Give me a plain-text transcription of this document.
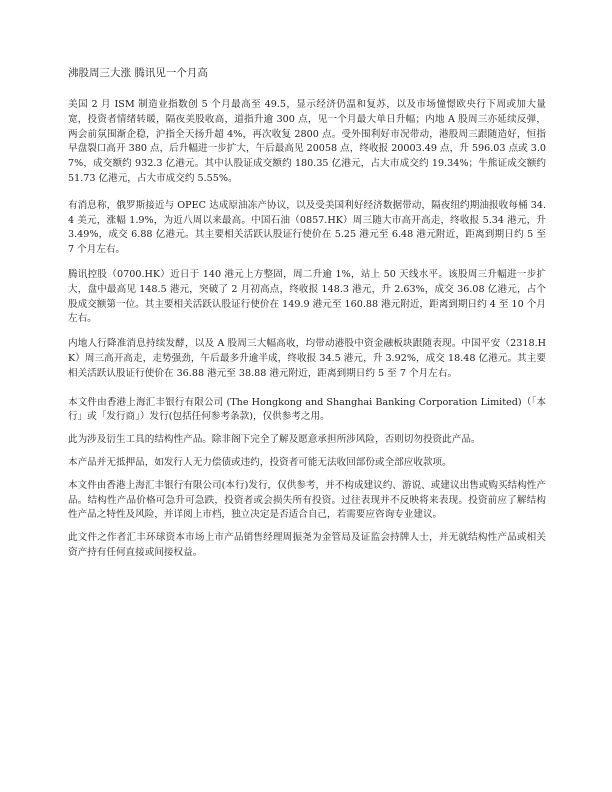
沸股周三大涨 腾讯见一个月高

美国 2 月 ISM 制造业指数创 5 个月最高至 49.5，显示经济仍温和复苏，以及市场憧憬欧央行下周或加大量宽，投资者情绪转暖，隔夜美股收高，道指升逾 300 点，见一个月最大单日升幅；内地 A 股周三亦延续反弹，两会前氛围渐企稳，沪指全天扬升超 4%，再次收复 2800 点。受外围利好市况带动，港股周三跟随造好，恒指早盘裂口高开 380 点，后升幅进一步扩大，午后最高见 20058 点，终收报 20003.49 点，升 596.03 点或 3.07%，成交额约 932.3 亿港元。其中认股证成交额约 180.35 亿港元，占大市成交约 19.34%；牛熊证成交额约 51.73 亿港元，占大市成交约 5.55%。

有消息称，俄罗斯接近与 OPEC 达成原油冻产协议，以及受美国利好经济数据带动，隔夜纽约期油报收每桶 34.4 美元，涨幅 1.9%，为近八周以来最高。中国石油（0857.HK）周三随大市高开高走，终收报 5.34 港元，升 3.49%，成交 6.88 亿港元。其主要相关活跃认股证行使价在 5.25 港元至 6.48 港元附近，距离到期日约 5 至 7 个月左右。

腾讯控股（0700.HK）近日于 140 港元上方整固，周二升逾 1%，站上 50 天线水平。该股周三升幅进一步扩大，盘中最高见 148.5 港元，突破了 2 月初高点，终收报 148.3 港元，升 2.63%，成交 36.08 亿港元，占个股成交额第一位。其主要相关活跃认股证行使价在 149.9 港元至 160.88 港元附近，距离到期日约 4 至 10 个月左右。

内地人行降准消息持续发酵，以及 A 股周三大幅高收，均带动港股中资金融板块跟随表现。中国平安（2318.HK）周三高开高走，走势强劲，午后最多升逾半成，终收报 34.5 港元，升 3.92%，成交 18.48 亿港元。其主要相关活跃认股证行使价在 36.88 港元至 38.88 港元附近，距离到期日约 5 至 7 个月左右。

本文件由香港上海汇丰银行有限公司 (The Hongkong and Shanghai Banking Corporation Limited)（「本行」或「发行商」）发行(包括任何参考条款)，仅供参考之用。

此为涉及衍生工具的结构性产品。除非阁下完全了解及愿意承担所涉风险，否则切勿投资此产品。

本产品并无抵押品，如发行人无力偿债或违约，投资者可能无法收回部份或全部应收款项。

本文件由香港上海汇丰银行有限公司(本行)发行，仅供参考，并不构成建议约、游说、或建议出售或购买结构性产品。结构性产品价格可急升可急跌，投资者或会损失所有投资。过往表现并不反映将来表现。投资前应了解结构性产品之特性及风险，并详阅上市档，独立决定是否适合自己，若需要应咨询专业建议。

此文件之作者汇丰环球资本市场上市产品销售经理周振尧为金管局及证监会持牌人士，并无就结构性产品或相关资产持有任何直接或间接权益。
